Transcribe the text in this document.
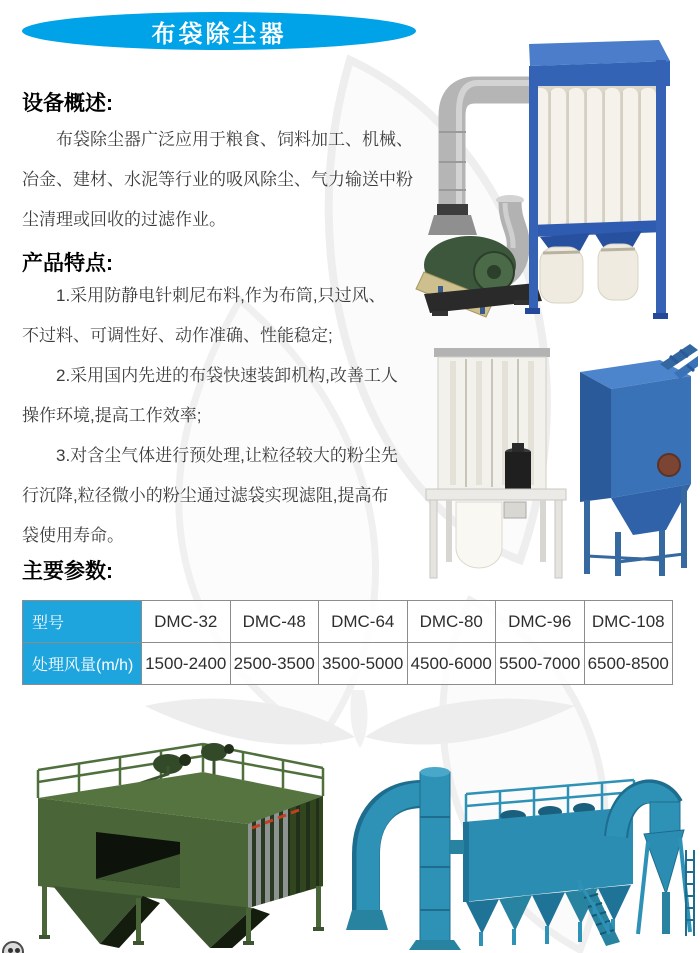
布袋除尘器
设备概述:
布袋除尘器广泛应用于粮食、饲料加工、机械、
冶金、建材、水泥等行业的吸风除尘、气力输送中粉
尘清理或回收的过滤作业。
产品特点:
1.采用防静电针刺尼布料,作为布筒,只过风、
不过料、可调性好、动作准确、性能稳定;
2.采用国内先进的布袋快速装卸机构,改善工人
操作环境,提高工作效率;
3.对含尘气体进行预处理,让粒径较大的粉尘先
行沉降,粒径微小的粉尘通过滤袋实现滤阻,提高布
袋使用寿命。
主要参数:
型号	DMC-32	DMC-48	DMC-64	DMC-80	DMC-96	DMC-108
处理风量(m/h)	1500-2400	2500-3500	3500-5000	4500-6000	5500-7000	6500-8500
